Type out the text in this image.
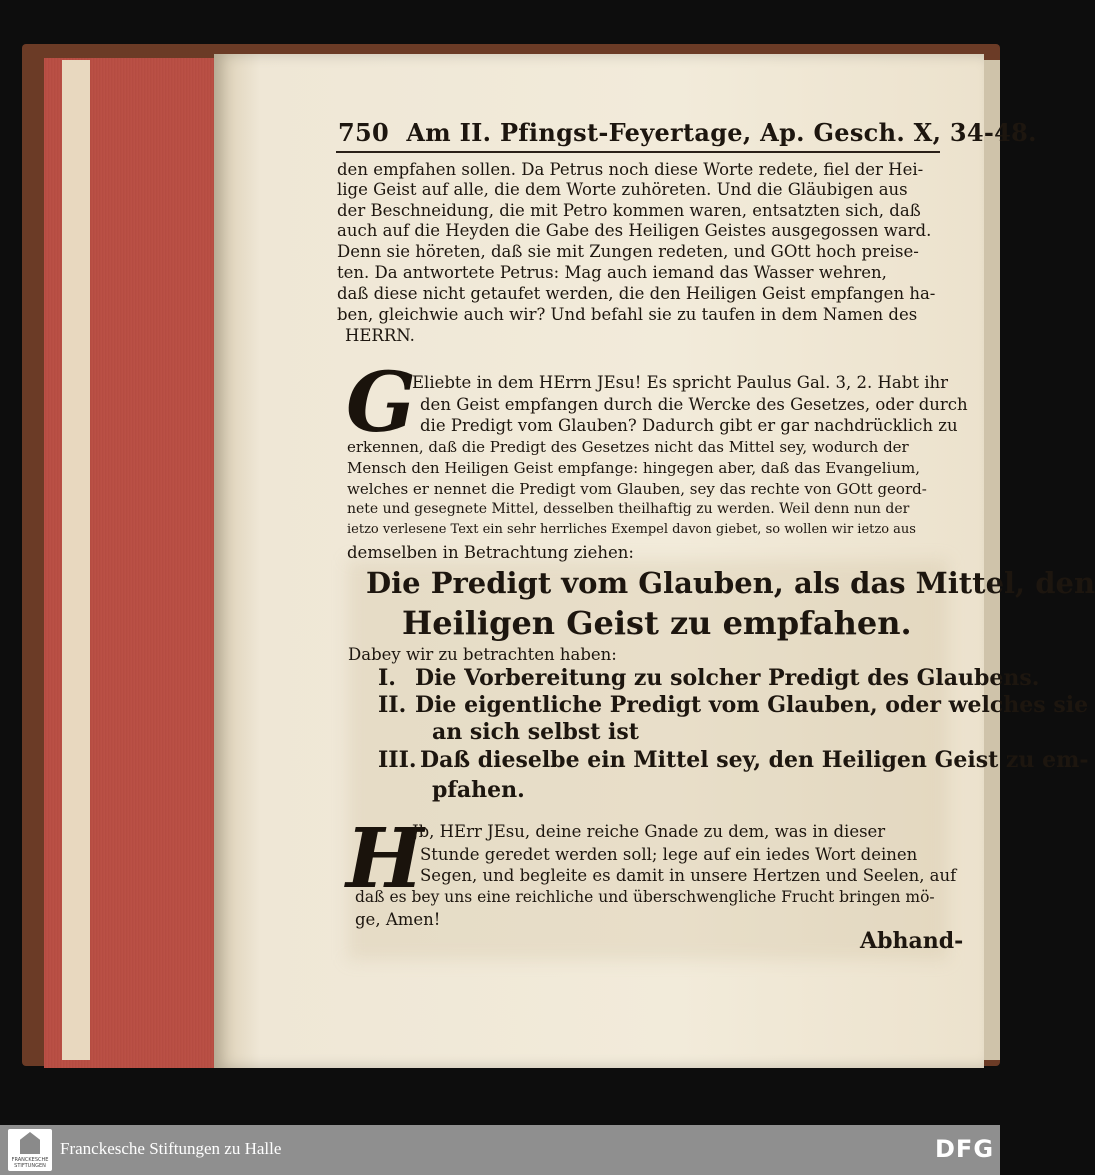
750 Am II. Pfingst-Feyertage, Ap. Gesch. X, 34-48.
den empfahen sollen. Da Petrus noch diese Worte redete, fiel der Hei-
lige Geist auf alle, die dem Worte zuhöreten. Und die Gläubigen aus
der Beschneidung, die mit Petro kommen waren, entsatzten sich, daß
auch auf die Heyden die Gabe des Heiligen Geistes ausgegossen ward.
Denn sie höreten, daß sie mit Zungen redeten, und GOtt hoch preise-
ten. Da antwortete Petrus: Mag auch iemand das Wasser wehren,
daß diese nicht getaufet werden, die den Heiligen Geist empfangen ha-
ben, gleichwie auch wir? Und befahl sie zu taufen in dem Namen des
HERRN.
G
Eliebte in dem HErrn JEsu! Es spricht Paulus Gal. 3, 2. Habt ihr
den Geist empfangen durch die Wercke des Gesetzes, oder durch
die Predigt vom Glauben? Dadurch gibt er gar nachdrücklich zu
erkennen, daß die Predigt des Gesetzes nicht das Mittel sey, wodurch der
Mensch den Heiligen Geist empfange: hingegen aber, daß das Evangelium,
welches er nennet die Predigt vom Glauben, sey das rechte von GOtt geord-
nete und gesegnete Mittel, desselben theilhaftig zu werden. Weil denn nun der
ietzo verlesene Text ein sehr herrliches Exempel davon giebet, so wollen wir ietzo aus
demselben in Betrachtung ziehen:
Die Predigt vom Glauben, als das Mittel, den
Heiligen Geist zu empfahen.
Dabey wir zu betrachten haben:
I. Die Vorbereitung zu solcher Predigt des Glaubens.
II. Die eigentliche Predigt vom Glauben, oder welches sie
an sich selbst ist
III. Daß dieselbe ein Mittel sey, den Heiligen Geist zu em-
pfahen.
H
Jb, HErr JEsu, deine reiche Gnade zu dem, was in dieser
Stunde geredet werden soll; lege auf ein iedes Wort deinen
Segen, und begleite es damit in unsere Hertzen und Seelen, auf
daß es bey uns eine reichliche und überschwengliche Frucht bringen mö-
ge, Amen!
Abhand-
FRANCKESCHE STIFTUNGEN
Franckesche Stiftungen zu Halle	DFG
